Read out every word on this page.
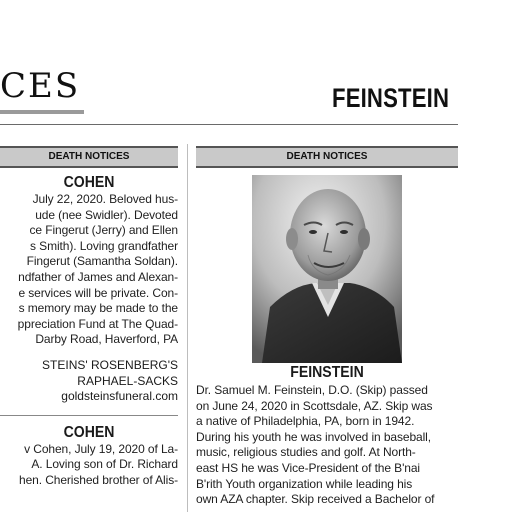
CES	FEINSTEIN
DEATH NOTICES	DEATH NOTICES
COHEN
July 22, 2020. Beloved hus-
ude (nee Swidler). Devoted
ce Fingerut (Jerry) and Ellen
s Smith). Loving grandfather
Fingerut (Samantha Soldan).
ndfather of James and Alexan-
e services will be private. Con-
s memory may be made to the
ppreciation Fund at The Quad-
Darby Road, Haverford, PA
STEINS' ROSENBERG'S
RAPHAEL-SACKS
goldsteinsfuneral.com
COHEN
v Cohen, July 19, 2020 of La-
A. Loving son of Dr. Richard
hen. Cherished brother of Alis-
FEINSTEIN
Dr. Samuel M. Feinstein, D.O. (Skip) passed
on June 24, 2020 in Scottsdale, AZ. Skip was
a native of Philadelphia, PA, born in 1942.
During his youth he was involved in baseball,
music, religious studies and golf. At North-
east HS he was Vice-President of the B'nai
B'rith Youth organization while leading his
own AZA chapter. Skip received a Bachelor of
